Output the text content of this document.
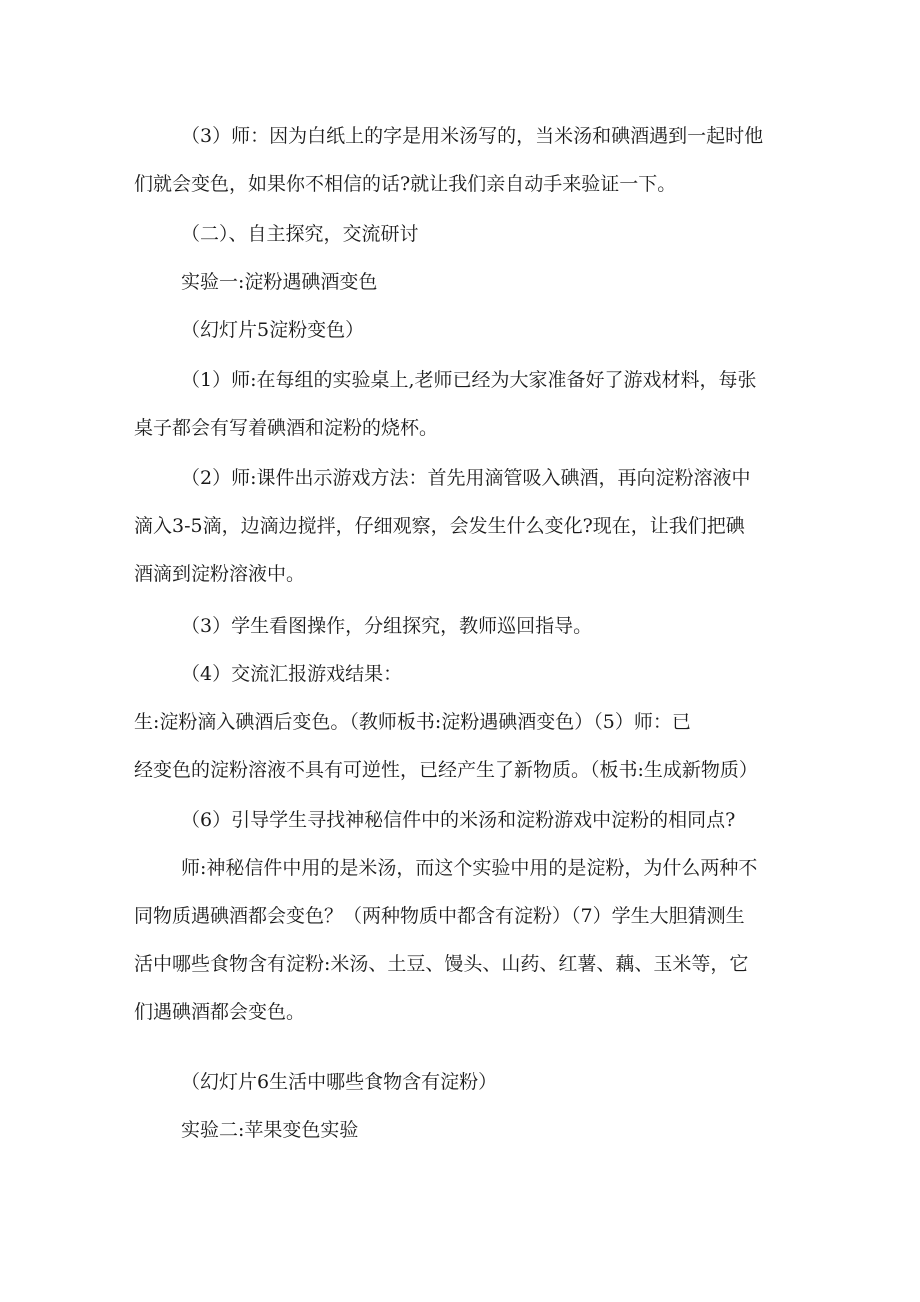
（3）师：因为白纸上的字是用米汤写的，当米汤和碘酒遇到一起时他
们就会变色，如果你不相信的话?就让我们亲自动手来验证一下。
（二）、自主探究，交流研讨
实验一:淀粉遇碘酒变色
（幻灯片5淀粉变色）
（1）师:在每组的实验桌上,老师已经为大家准备好了游戏材料，每张
桌子都会有写着碘酒和淀粉的烧杯。
（2）师:课件出示游戏方法：首先用滴管吸入碘酒，再向淀粉溶液中
滴入3-5滴，边滴边搅拌，仔细观察，会发生什么变化?现在，让我们把碘
酒滴到淀粉溶液中。
（3）学生看图操作，分组探究，教师巡回指导。
（4）交流汇报游戏结果：
生:淀粉滴入碘酒后变色。（教师板书:淀粉遇碘酒变色）（5）师：已
经变色的淀粉溶液不具有可逆性，已经产生了新物质。（板书:生成新物质）
（6）引导学生寻找神秘信件中的米汤和淀粉游戏中淀粉的相同点?
师:神秘信件中用的是米汤，而这个实验中用的是淀粉，为什么两种不
同物质遇碘酒都会变色？（两种物质中都含有淀粉）（7）学生大胆猜测生
活中哪些食物含有淀粉:米汤、土豆、馒头、山药、红薯、藕、玉米等，它
们遇碘酒都会变色。
（幻灯片6生活中哪些食物含有淀粉）
实验二:苹果变色实验
